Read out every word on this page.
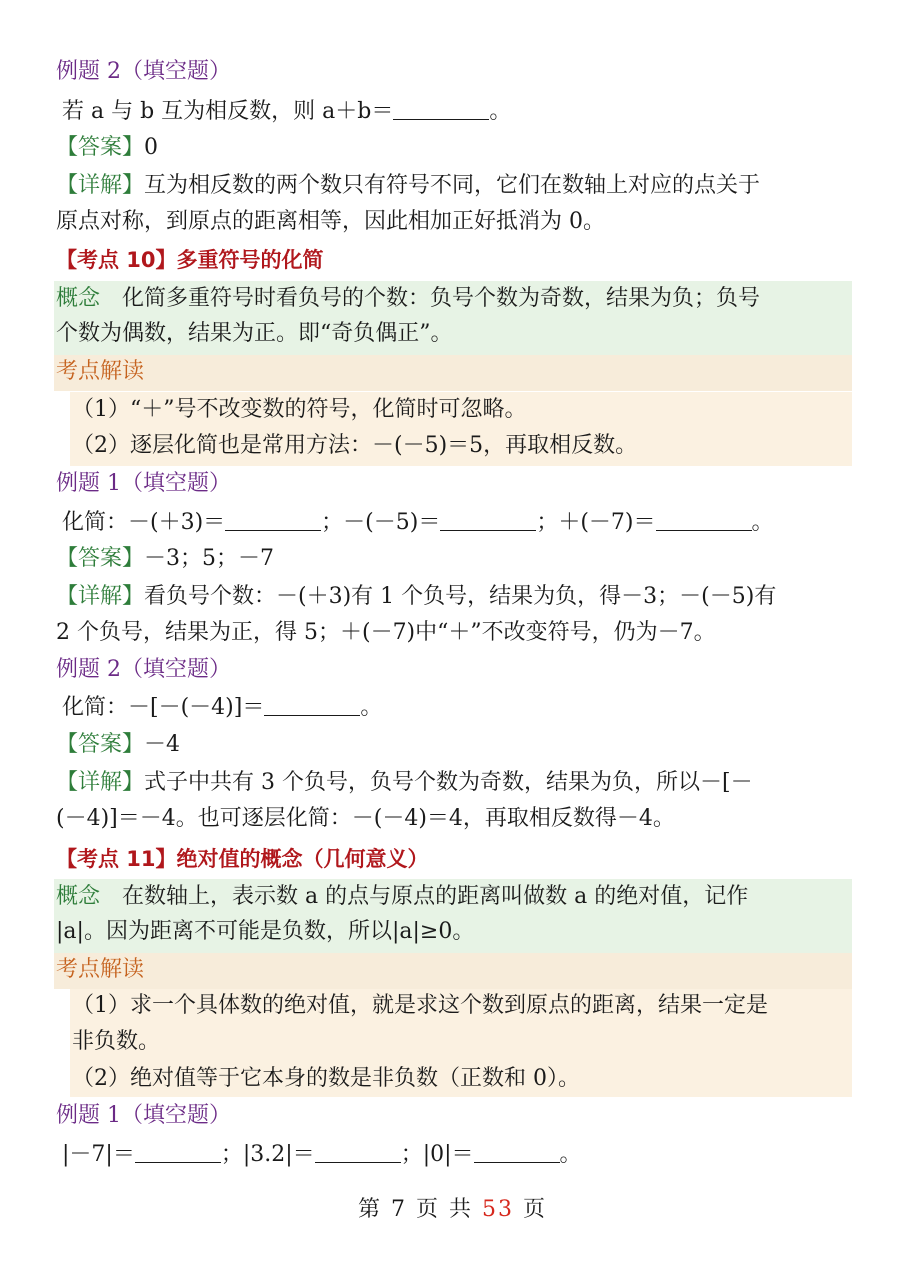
例题 2（填空题）
若 a 与 b 互为相反数，则 a＋b＝	。
【答案】0
【详解】互为相反数的两个数只有符号不同，它们在数轴上对应的点关于
原点对称，到原点的距离相等，因此相加正好抵消为 0。
【考点 10】多重符号的化简
概念 化简多重符号时看负号的个数：负号个数为奇数，结果为负；负号
个数为偶数，结果为正。即“奇负偶正”。
考点解读
（1）“＋”号不改变数的符号，化简时可忽略。
（2）逐层化简也是常用方法：－(－5)＝5，再取相反数。
例题 1（填空题）
化简：－(＋3)＝	；－(－5)＝	；＋(－7)＝	。
【答案】－3；5；－7
【详解】看负号个数：－(＋3)有 1 个负号，结果为负，得－3；－(－5)有
2 个负号，结果为正，得 5；＋(－7)中“＋”不改变符号，仍为－7。
例题 2（填空题）
化简：－[－(－4)]＝	。
【答案】－4
【详解】式子中共有 3 个负号，负号个数为奇数，结果为负，所以－[－
(－4)]＝－4。也可逐层化简：－(－4)＝4，再取相反数得－4。
【考点 11】绝对值的概念（几何意义）
概念 在数轴上，表示数 a 的点与原点的距离叫做数 a 的绝对值，记作
|a|。因为距离不可能是负数，所以|a|≥0。
考点解读
（1）求一个具体数的绝对值，就是求这个数到原点的距离，结果一定是
非负数。
（2）绝对值等于它本身的数是非负数（正数和 0）。
例题 1（填空题）
|－7|＝	；|3.2|＝	；|0|＝	。
第 7 页 共 53 页
